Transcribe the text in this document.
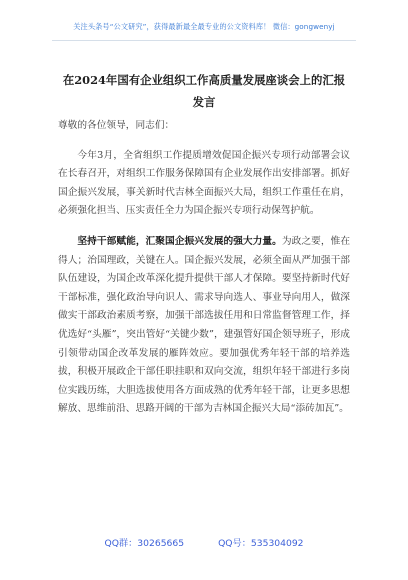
关注头条号“公文研究”，获得最新最全最专业的公文资料库！ 微信：gongwenyj
在2024年国有企业组织工作高质量发展座谈会上的汇报发言

尊敬的各位领导，同志们：

今年3月，全省组织工作提质增效促国企振兴专项行动部署会议在长春召开，对组织工作服务保障国有企业发展作出安排部署。抓好国企振兴发展，事关新时代吉林全面振兴大局，组织工作重任在肩，必须强化担当、压实责任全力为国企振兴专项行动保驾护航。

坚持干部赋能，汇聚国企振兴发展的强大力量。为政之要，惟在得人；治国理政，关键在人。国企振兴发展，必须全面从严加强干部队伍建设，为国企改革深化提升提供干部人才保障。要坚持新时代好干部标准，强化政治导向识人、需求导向选人、事业导向用人，做深做实干部政治素质考察，加强干部选拔任用和日常监督管理工作，择优选好“头雁”，突出管好“关键少数”，建强管好国企领导班子，形成引领带动国企改革发展的雁阵效应。要加强优秀年轻干部的培养选拔，积极开展政企干部任职挂职和双向交流，组织年轻干部进行多岗位实践历练，大胆选拔使用各方面成熟的优秀年轻干部，让更多思想解放、思维前沿、思路开阔的干部为吉林国企振兴大局“添砖加瓦”。

QQ群：30265665	QQ号：535304092
